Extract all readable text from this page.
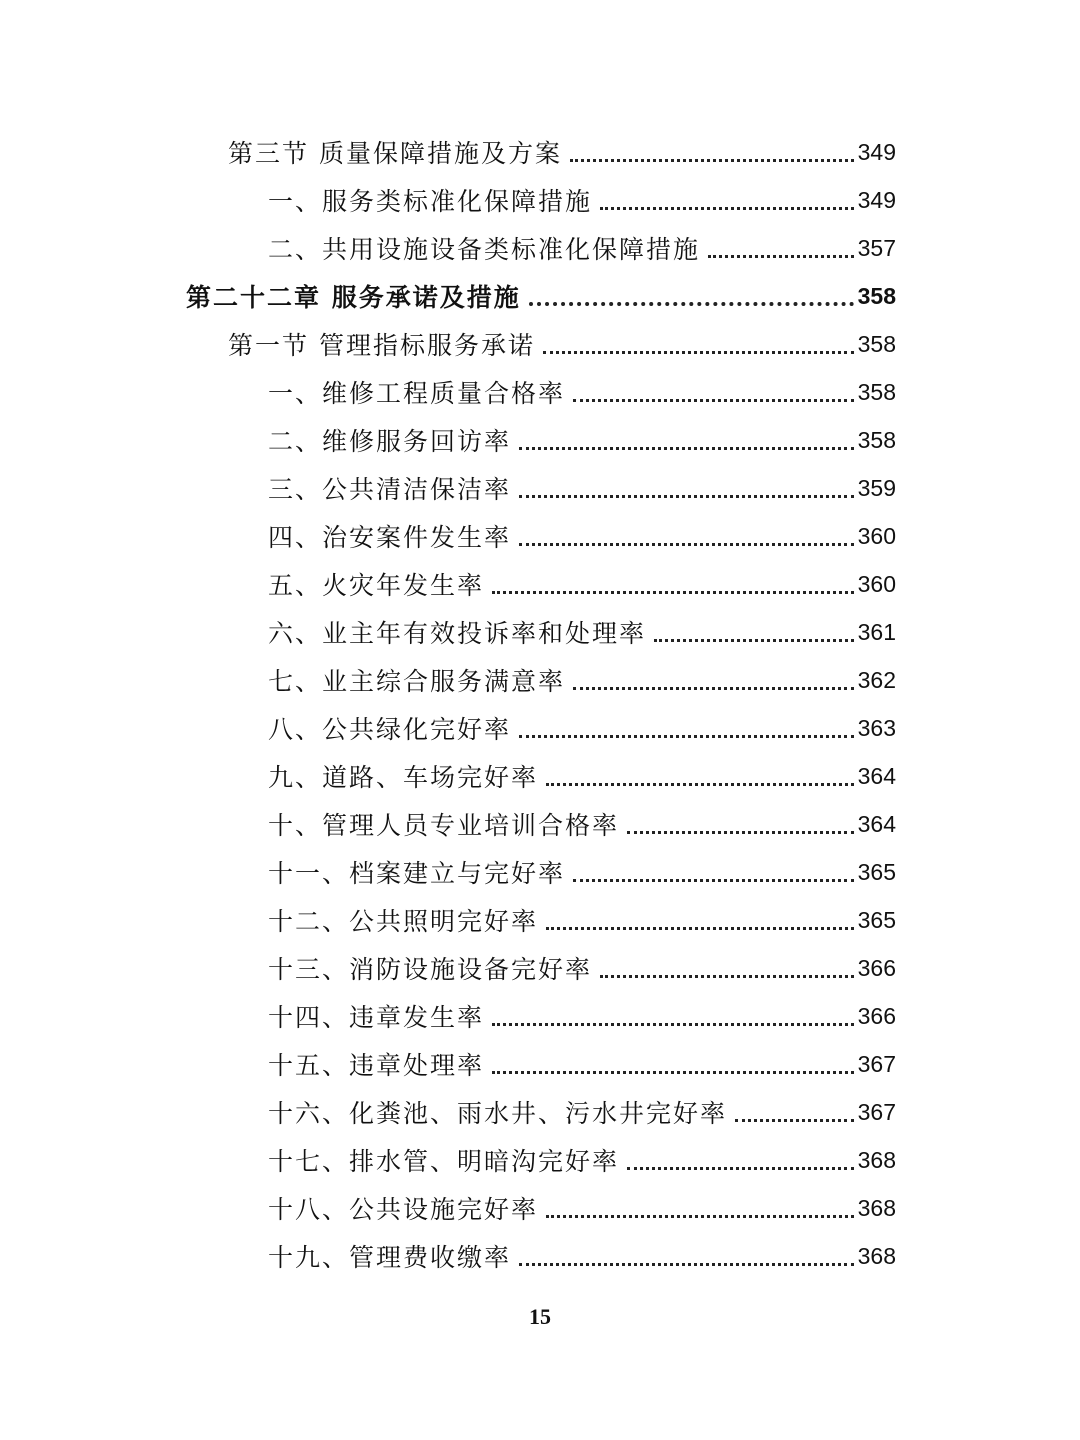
第三节 质量保障措施及方案	349
一、服务类标准化保障措施	349
二、共用设施设备类标准化保障措施	357
第二十二章 服务承诺及措施	358
第一节 管理指标服务承诺	358
一、维修工程质量合格率	358
二、维修服务回访率	358
三、公共清洁保洁率	359
四、治安案件发生率	360
五、火灾年发生率	360
六、业主年有效投诉率和处理率	361
七、业主综合服务满意率	362
八、公共绿化完好率	363
九、道路、车场完好率	364
十、管理人员专业培训合格率	364
十一、档案建立与完好率	365
十二、公共照明完好率	365
十三、消防设施设备完好率	366
十四、违章发生率	366
十五、违章处理率	367
十六、化粪池、雨水井、污水井完好率	367
十七、排水管、明暗沟完好率	368
十八、公共设施完好率	368
十九、管理费收缴率	368
15
